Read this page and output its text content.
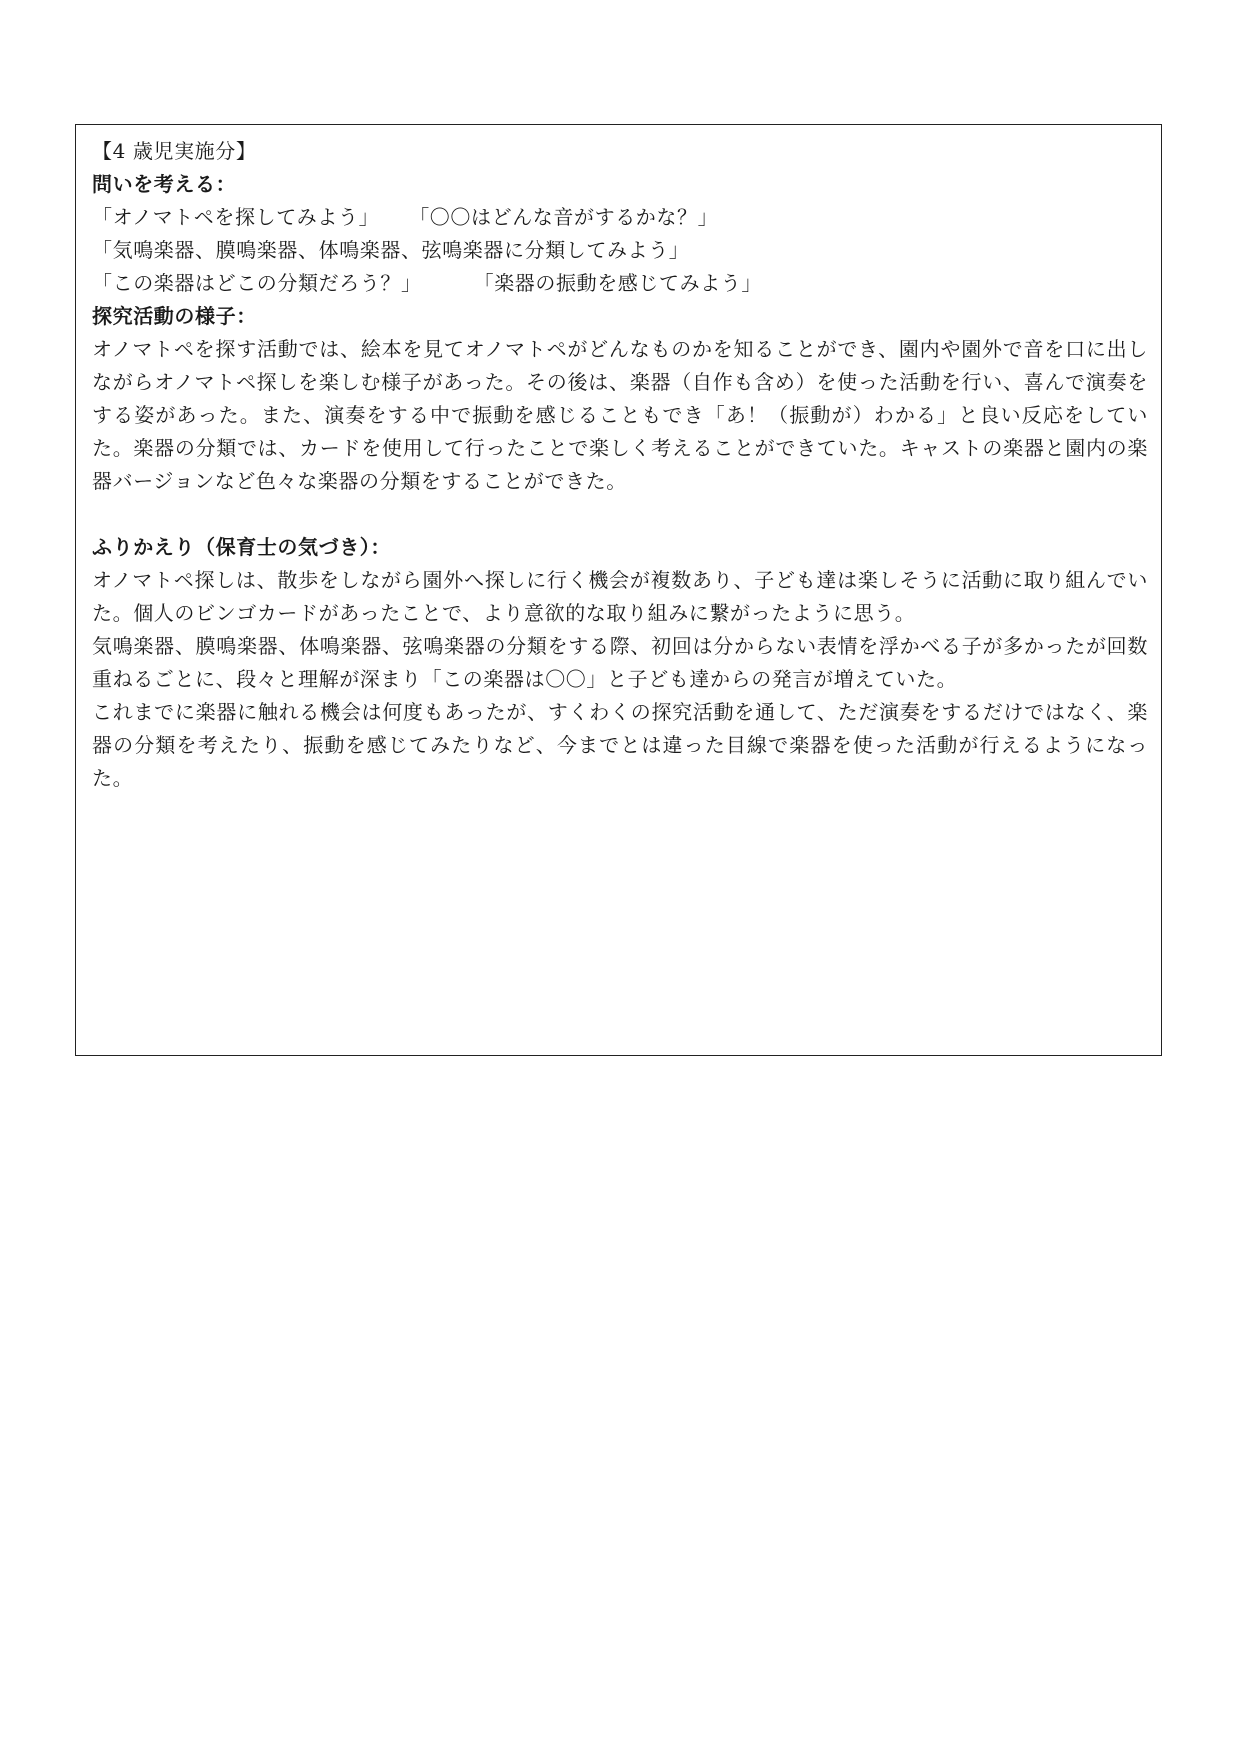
【4 歳児実施分】
問いを考える：
「オノマトペを探してみよう」 「〇〇はどんな音がするかな？」
「気鳴楽器、膜鳴楽器、体鳴楽器、弦鳴楽器に分類してみよう」
「この楽器はどこの分類だろう？」	「楽器の振動を感じてみよう」
探究活動の様子：

オノマトペを探す活動では、絵本を見てオノマトペがどんなものかを知ることができ、園内や園外で音を口に出しながらオノマトペ探しを楽しむ様子があった。その後は、楽器（自作も含め）を使った活動を行い、喜んで演奏をする姿があった。また、演奏をする中で振動を感じることもでき「あ！（振動が）わかる」と良い反応をしていた。楽器の分類では、カードを使用して行ったことで楽しく考えることができていた。キャストの楽器と園内の楽器バージョンなど色々な楽器の分類をすることができた。

ふりかえり（保育士の気づき）：

オノマトペ探しは、散歩をしながら園外へ探しに行く機会が複数あり、子ども達は楽しそうに活動に取り組んでいた。個人のビンゴカードがあったことで、より意欲的な取り組みに繋がったように思う。

気鳴楽器、膜鳴楽器、体鳴楽器、弦鳴楽器の分類をする際、初回は分からない表情を浮かべる子が多かったが回数重ねるごとに、段々と理解が深まり「この楽器は〇〇」と子ども達からの発言が増えていた。

これまでに楽器に触れる機会は何度もあったが、すくわくの探究活動を通して、ただ演奏をするだけではなく、楽器の分類を考えたり、振動を感じてみたりなど、今までとは違った目線で楽器を使った活動が行えるようになった。
